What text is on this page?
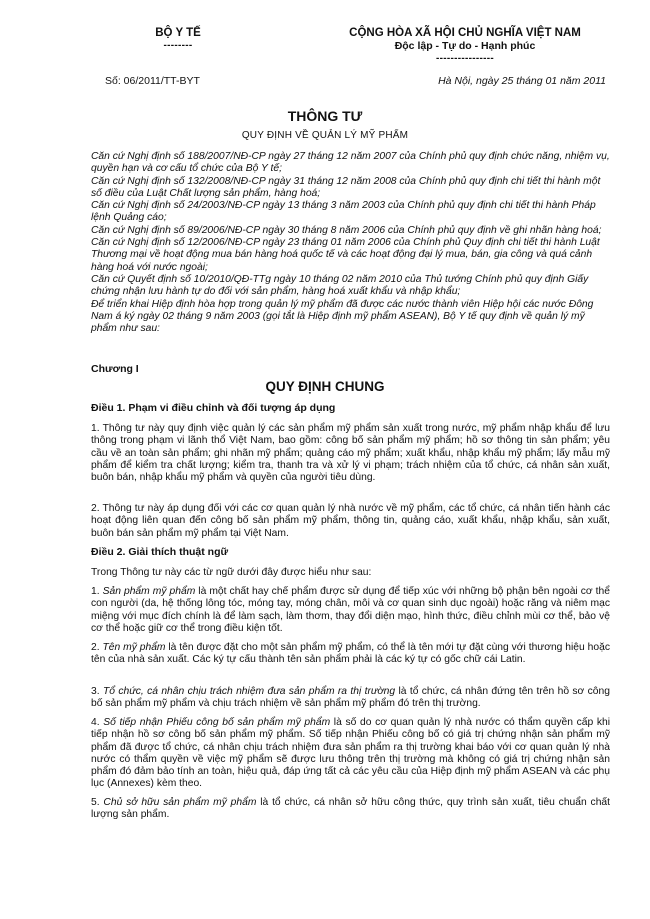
BỘ Y TẾ
--------
CỘNG HÒA XÃ HỘI CHỦ NGHĨA VIỆT NAM
Độc lập - Tự do - Hạnh phúc
----------------
Số: 06/2011/TT-BYT	Hà Nội, ngày 25 tháng 01 năm 2011
THÔNG TƯ
QUY ĐỊNH VỀ QUẢN LÝ MỸ PHẨM

Căn cứ Nghị định số 188/2007/NĐ-CP ngày 27 tháng 12 năm 2007 của Chính phủ quy định chức năng, nhiệm vụ, quyền hạn và cơ cấu tổ chức của Bộ Y tế;

Căn cứ Nghị định số 132/2008/NĐ-CP ngày 31 tháng 12 năm 2008 của Chính phủ quy định chi tiết thi hành một số điều của Luật Chất lượng sản phẩm, hàng hoá;

Căn cứ Nghị định số 24/2003/NĐ-CP ngày 13 tháng 3 năm 2003 của Chính phủ quy định chi tiết thi hành Pháp lệnh Quảng cáo;

Căn cứ Nghị định số 89/2006/NĐ-CP ngày 30 tháng 8 năm 2006 của Chính phủ quy định về ghi nhãn hàng hoá;

Căn cứ Nghị định số 12/2006/NĐ-CP ngày 23 tháng 01 năm 2006 của Chính phủ Quy định chi tiết thi hành Luật Thương mại về hoạt động mua bán hàng hoá quốc tế và các hoạt động đại lý mua, bán, gia công và quá cảnh hàng hoá với nước ngoài;

Căn cứ Quyết định số 10/2010/QĐ-TTg ngày 10 tháng 02 năm 2010 của Thủ tướng Chính phủ quy định Giấy chứng nhận lưu hành tự do đối với sản phẩm, hàng hoá xuất khẩu và nhập khẩu;

Để triển khai Hiệp định hòa hợp trong quản lý mỹ phẩm đã được các nước thành viên Hiệp hội các nước Đông Nam á ký ngày 02 tháng 9 năm 2003 (gọi tắt là Hiệp định mỹ phẩm ASEAN), Bộ Y tế quy định về quản lý mỹ phẩm như sau:

Chương I
QUY ĐỊNH CHUNG
Điều 1. Phạm vi điều chỉnh và đối tượng áp dụng

1. Thông tư này quy định việc quản lý các sản phẩm mỹ phẩm sản xuất trong nước, mỹ phẩm nhập khẩu để lưu thông trong phạm vi lãnh thổ Việt Nam, bao gồm: công bố sản phẩm mỹ phẩm; hồ sơ thông tin sản phẩm; yêu cầu về an toàn sản phẩm; ghi nhãn mỹ phẩm; quảng cáo mỹ phẩm; xuất khẩu, nhập khẩu mỹ phẩm; lấy mẫu mỹ phẩm để kiểm tra chất lượng; kiểm tra, thanh tra và xử lý vi phạm; trách nhiệm của tổ chức, cá nhân sản xuất, buôn bán, nhập khẩu mỹ phẩm và quyền của người tiêu dùng.

2. Thông tư này áp dụng đối với các cơ quan quản lý nhà nước về mỹ phẩm, các tổ chức, cá nhân tiến hành các hoạt động liên quan đến công bố sản phẩm mỹ phẩm, thông tin, quảng cáo, xuất khẩu, nhập khẩu, sản xuất, buôn bán sản phẩm mỹ phẩm tại Việt Nam.

Điều 2. Giải thích thuật ngữ

Trong Thông tư này các từ ngữ dưới đây được hiểu như sau:

1. Sản phẩm mỹ phẩm là một chất hay chế phẩm được sử dụng để tiếp xúc với những bộ phận bên ngoài cơ thể con người (da, hệ thống lông tóc, móng tay, móng chân, môi và cơ quan sinh dục ngoài) hoặc răng và niêm mạc miệng với mục đích chính là để làm sạch, làm thơm, thay đổi diện mạo, hình thức, điều chỉnh mùi cơ thể, bảo vệ cơ thể hoặc giữ cơ thể trong điều kiện tốt.

2. Tên mỹ phẩm là tên được đặt cho một sản phẩm mỹ phẩm, có thể là tên mới tự đặt cùng với thương hiệu hoặc tên của nhà sản xuất. Các ký tự cấu thành tên sản phẩm phải là các ký tự có gốc chữ cái Latin.

3. Tổ chức, cá nhân chịu trách nhiệm đưa sản phẩm ra thị trường là tổ chức, cá nhân đứng tên trên hồ sơ công bố sản phẩm mỹ phẩm và chịu trách nhiệm về sản phẩm mỹ phẩm đó trên thị trường.

4. Số tiếp nhận Phiếu công bố sản phẩm mỹ phẩm là số do cơ quan quản lý nhà nước có thẩm quyền cấp khi tiếp nhận hồ sơ công bố sản phẩm mỹ phẩm. Số tiếp nhận Phiếu công bố có giá trị chứng nhận sản phẩm mỹ phẩm đã được tổ chức, cá nhân chịu trách nhiệm đưa sản phẩm ra thị trường khai báo với cơ quan quản lý nhà nước có thẩm quyền về việc mỹ phẩm sẽ được lưu thông trên thị trường mà không có giá trị chứng nhận sản phẩm đó đảm bảo tính an toàn, hiệu quả, đáp ứng tất cả các yêu cầu của Hiệp định mỹ phẩm ASEAN và các phụ lục (Annexes) kèm theo.

5. Chủ sở hữu sản phẩm mỹ phẩm là tổ chức, cá nhân sở hữu công thức, quy trình sản xuất, tiêu chuẩn chất lượng sản phẩm.
